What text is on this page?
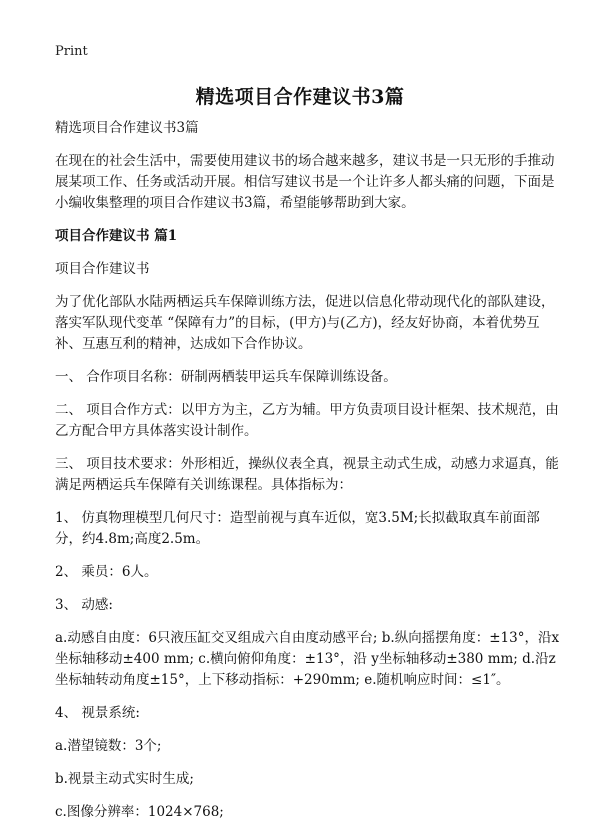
Print
精选项目合作建议书3篇

精选项目合作建议书3篇

在现在的社会生活中，需要使用建议书的场合越来越多，建议书是一只无形的手推动展某项工作、任务或活动开展。相信写建议书是一个让许多人都头痛的问题，下面是小编收集整理的项目合作建议书3篇，希望能够帮助到大家。

项目合作建议书 篇1

项目合作建议书

为了优化部队水陆两栖运兵车保障训练方法，促进以信息化带动现代化的部队建设，落实军队现代变革 “保障有力”的目标，(甲方)与(乙方)，经友好协商，本着优势互补、互惠互利的精神，达成如下合作协议。

一、 合作项目名称：研制两栖装甲运兵车保障训练设备。

二、 项目合作方式：以甲方为主，乙方为辅。甲方负责项目设计框架、技术规范，由乙方配合甲方具体落实设计制作。

三、 项目技术要求：外形相近，操纵仪表全真，视景主动式生成，动感力求逼真，能满足两栖运兵车保障有关训练课程。具体指标为：

1、 仿真物理模型几何尺寸：造型前视与真车近似，宽3.5M;长拟截取真车前面部分，约4.8m;高度2.5m。

2、 乘员：6人。

3、 动感:

a.动感自由度：6只液压缸交叉组成六自由度动感平台; b.纵向摇摆角度：±13°，沿x坐标轴移动±400 mm; c.横向俯仰角度：±13°，沿 y坐标轴移动±380 mm; d.沿z坐标轴转动角度±15°，上下移动指标：+290mm; e.随机响应时间：≤1″。

4、 视景系统:

a.潜望镜数：3个;

b.视景主动式实时生成;

c.图像分辨率：1024×768;
